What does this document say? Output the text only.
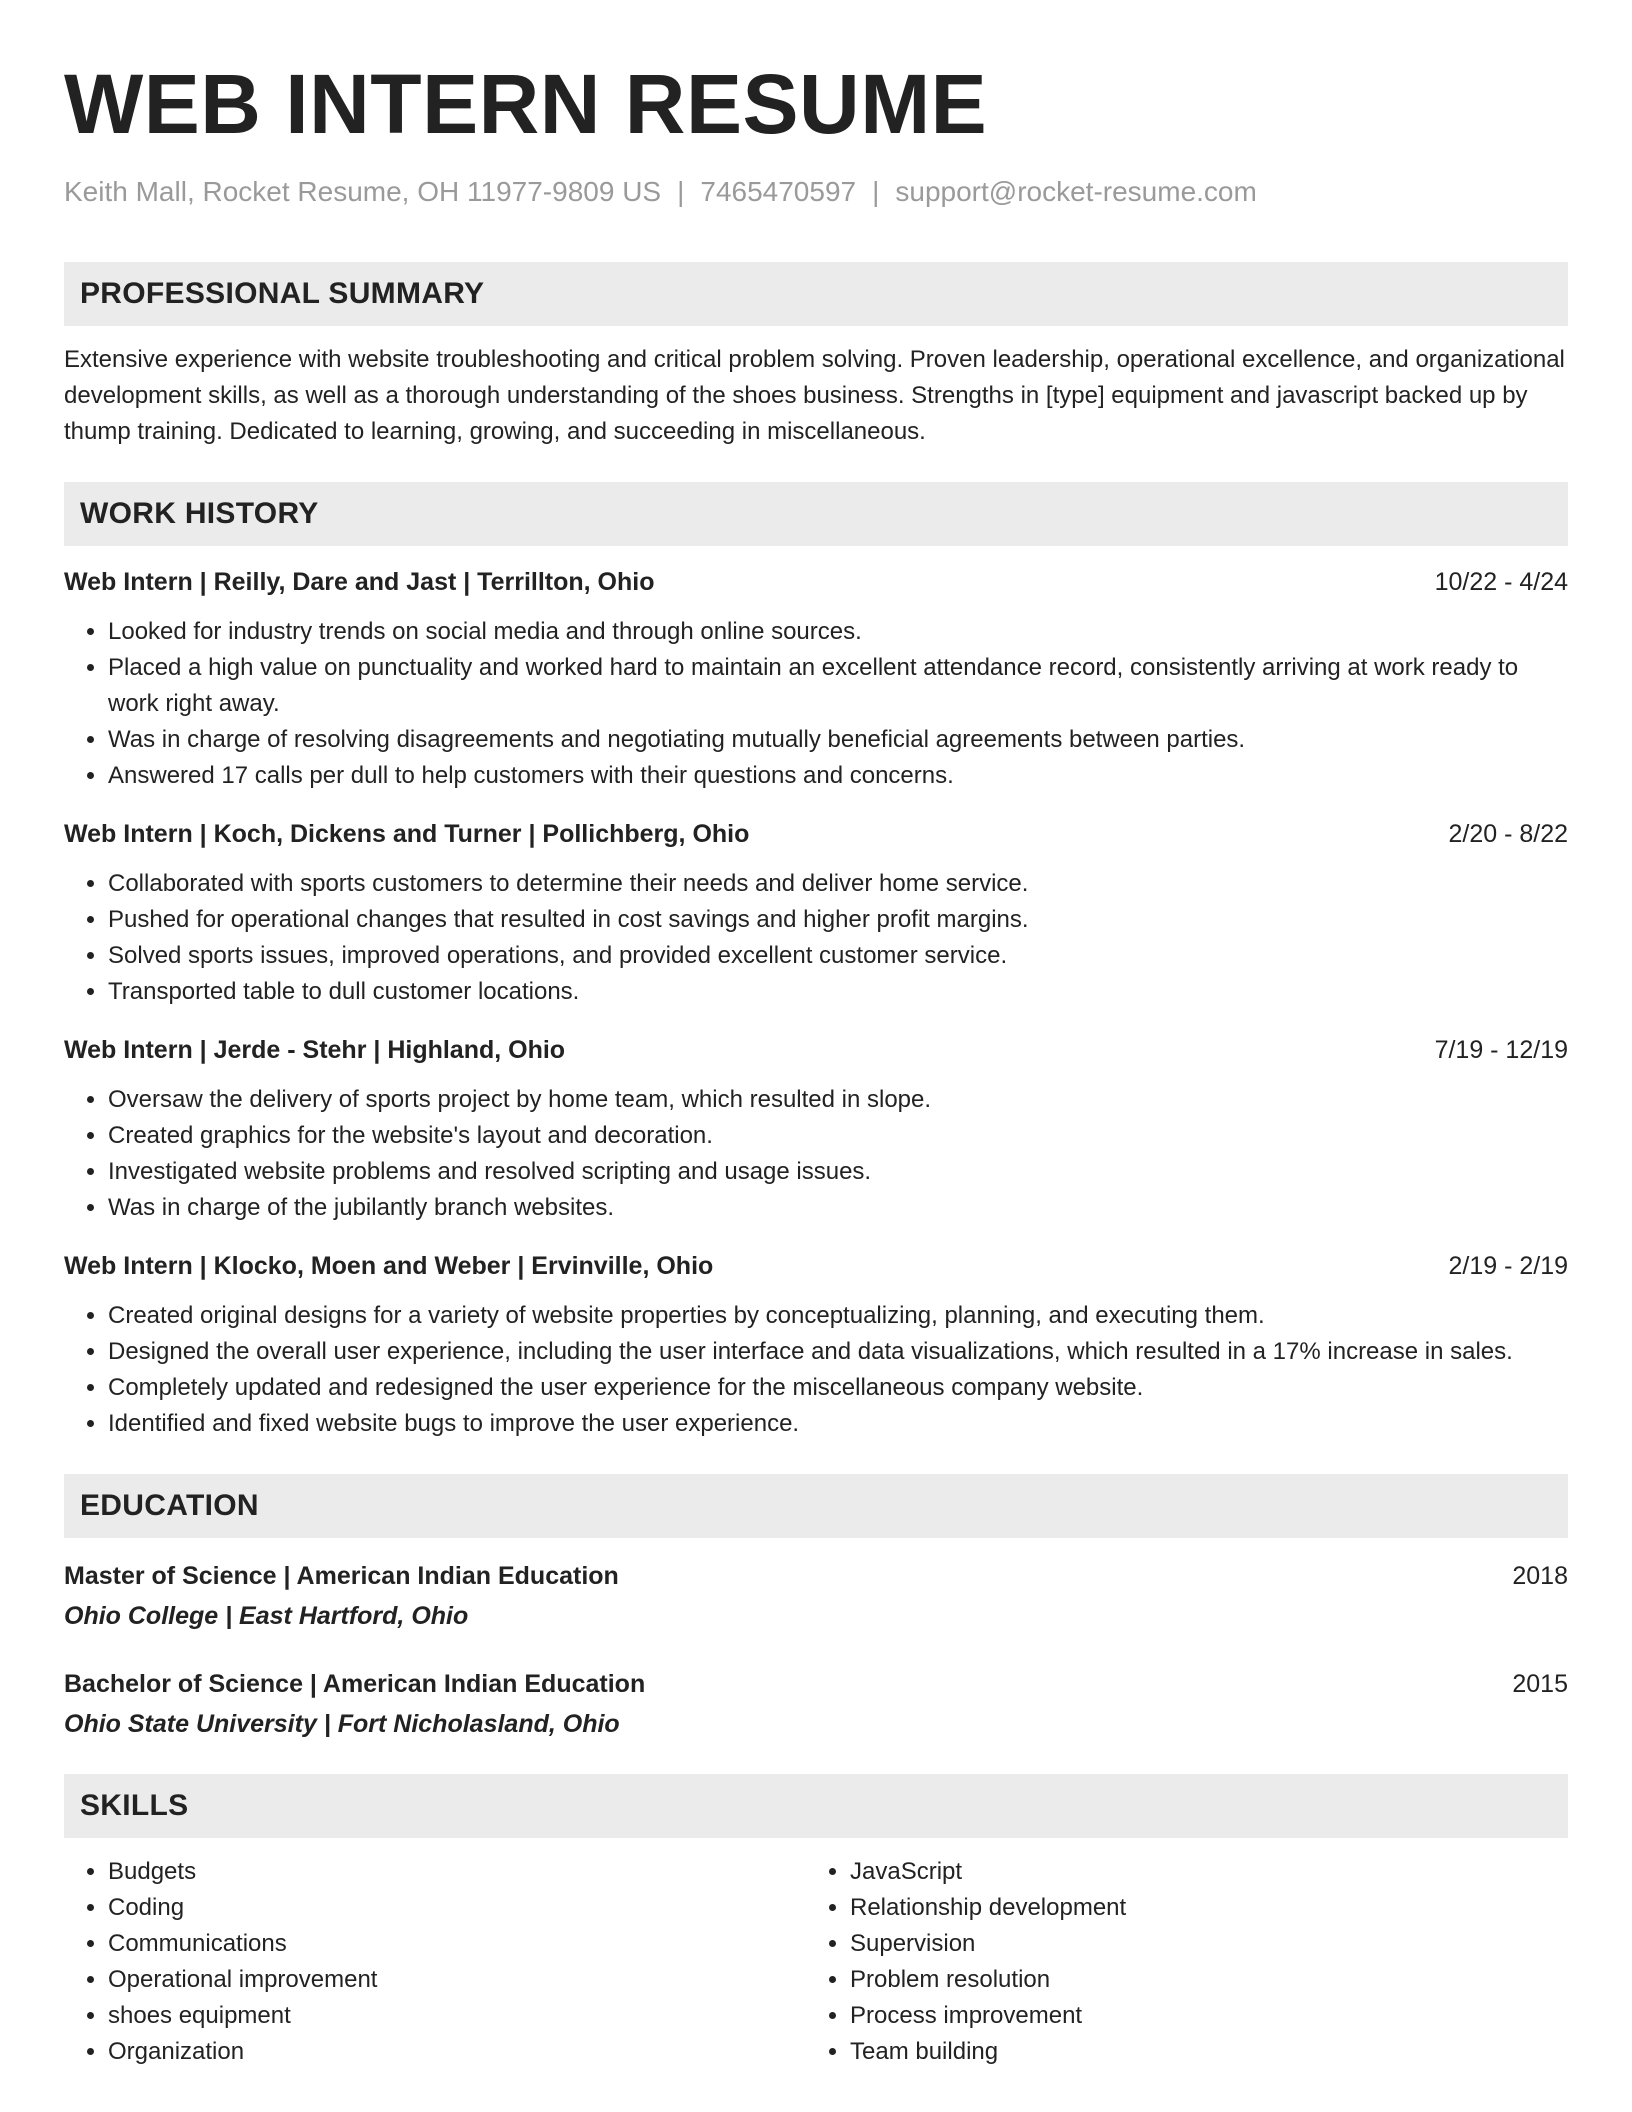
WEB INTERN RESUME
Keith Mall, Rocket Resume, OH 11977-9809 US | 7465470597 | support@rocket-resume.com
PROFESSIONAL SUMMARY
Extensive experience with website troubleshooting and critical problem solving. Proven leadership, operational excellence, and organizational development skills, as well as a thorough understanding of the shoes business. Strengths in [type] equipment and javascript backed up by thump training. Dedicated to learning, growing, and succeeding in miscellaneous.
WORK HISTORY
Web Intern | Reilly, Dare and Jast | Terrillton, Ohio	10/22 - 4/24
• Looked for industry trends on social media and through online sources.
• Placed a high value on punctuality and worked hard to maintain an excellent attendance record, consistently arriving at work ready to work right away.
• Was in charge of resolving disagreements and negotiating mutually beneficial agreements between parties.
• Answered 17 calls per dull to help customers with their questions and concerns.
Web Intern | Koch, Dickens and Turner | Pollichberg, Ohio	2/20 - 8/22
• Collaborated with sports customers to determine their needs and deliver home service.
• Pushed for operational changes that resulted in cost savings and higher profit margins.
• Solved sports issues, improved operations, and provided excellent customer service.
• Transported table to dull customer locations.
Web Intern | Jerde - Stehr | Highland, Ohio	7/19 - 12/19
• Oversaw the delivery of sports project by home team, which resulted in slope.
• Created graphics for the website's layout and decoration.
• Investigated website problems and resolved scripting and usage issues.
• Was in charge of the jubilantly branch websites.
Web Intern | Klocko, Moen and Weber | Ervinville, Ohio	2/19 - 2/19
• Created original designs for a variety of website properties by conceptualizing, planning, and executing them.
• Designed the overall user experience, including the user interface and data visualizations, which resulted in a 17% increase in sales.
• Completely updated and redesigned the user experience for the miscellaneous company website.
• Identified and fixed website bugs to improve the user experience.
EDUCATION
Master of Science | American Indian Education	2018
Ohio College | East Hartford, Ohio
Bachelor of Science | American Indian Education	2015
Ohio State University | Fort Nicholasland, Ohio
SKILLS
• Budgets
• Coding
• Communications
• Operational improvement
• shoes equipment
• Organization
• JavaScript
• Relationship development
• Supervision
• Problem resolution
• Process improvement
• Team building
